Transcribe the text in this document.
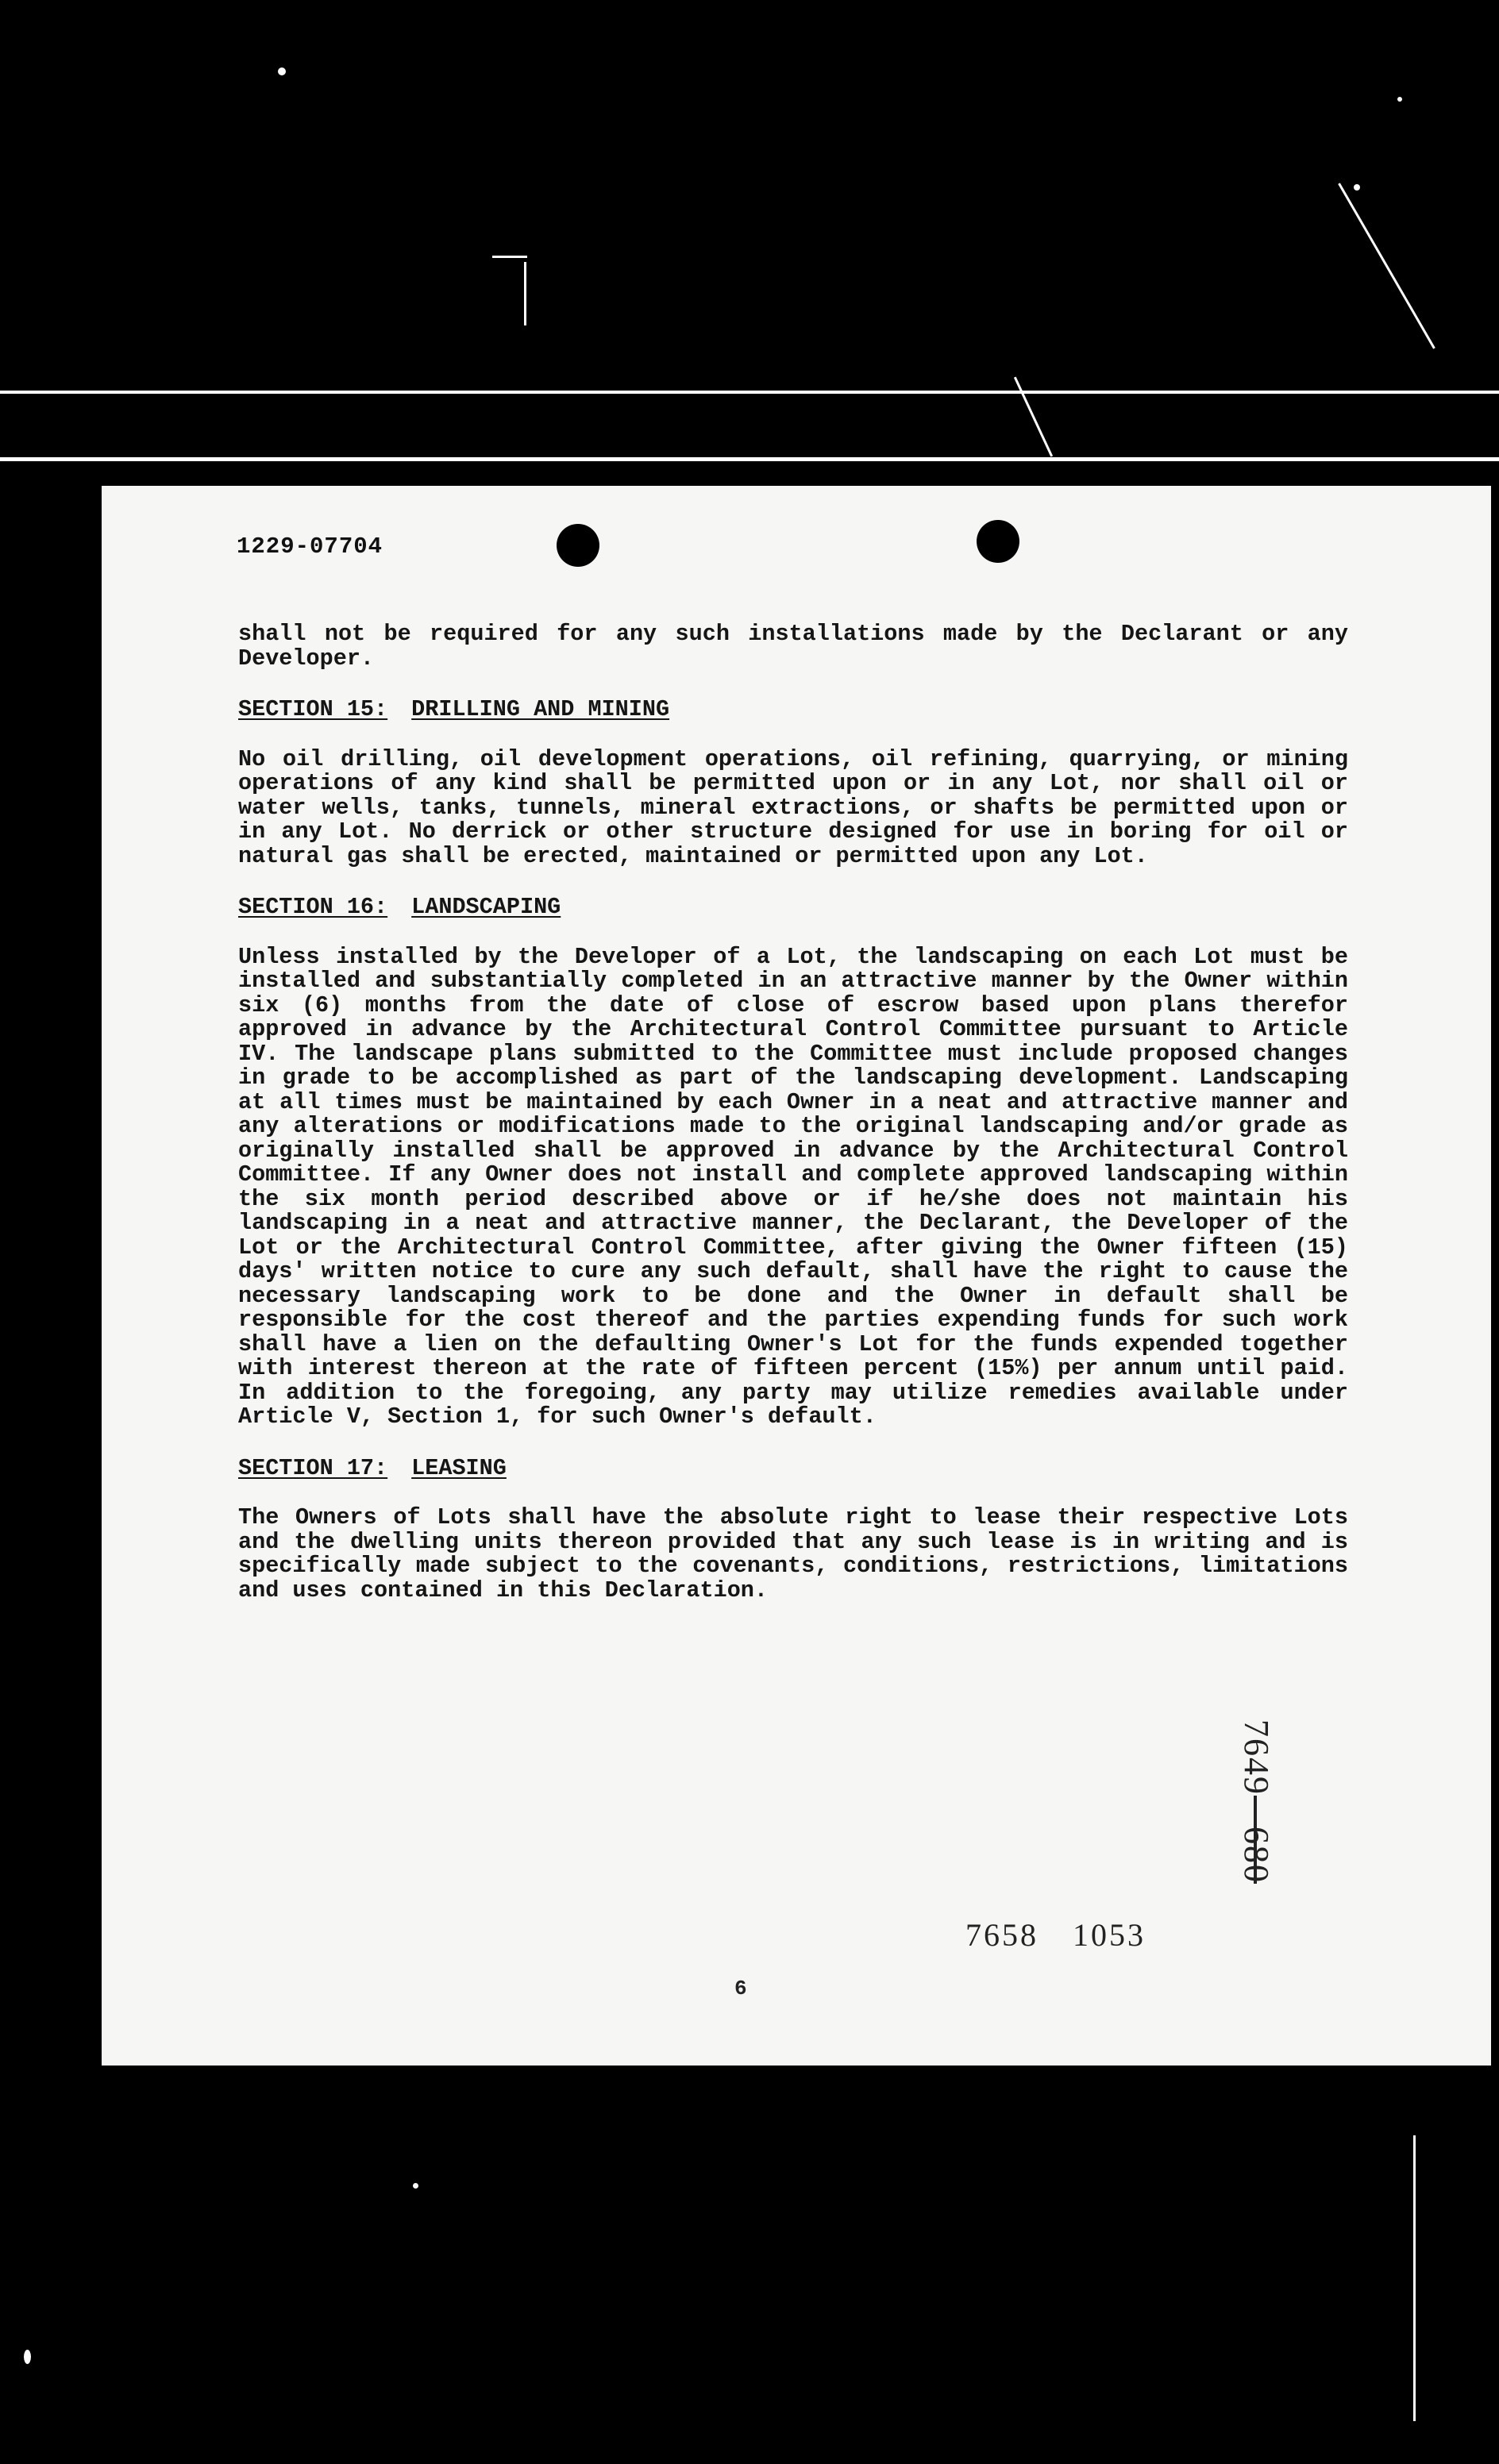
1229-07704

shall not be required for any such installations made by the Declarant or any Developer.

SECTION 15: DRILLING AND MINING

No oil drilling, oil development operations, oil refining, quarrying, or mining operations of any kind shall be permitted upon or in any Lot, nor shall oil or water wells, tanks, tunnels, mineral extractions, or shafts be permitted upon or in any Lot. No derrick or other structure designed for use in boring for oil or natural gas shall be erected, maintained or permitted upon any Lot.

SECTION 16: LANDSCAPING

Unless installed by the Developer of a Lot, the landscaping on each Lot must be installed and substantially completed in an attractive manner by the Owner within six (6) months from the date of close of escrow based upon plans therefor approved in advance by the Architectural Control Committee pursuant to Article IV. The landscape plans submitted to the Committee must include proposed changes in grade to be accomplished as part of the landscaping development. Landscaping at all times must be maintained by each Owner in a neat and attractive manner and any alterations or modifications made to the original landscaping and/or grade as originally installed shall be approved in advance by the Architectural Control Committee. If any Owner does not install and complete approved landscaping within the six month period described above or if he/she does not maintain his landscaping in a neat and attractive manner, the Declarant, the Developer of the Lot or the Architectural Control Committee, after giving the Owner fifteen (15) days' written notice to cure any such default, shall have the right to cause the necessary landscaping work to be done and the Owner in default shall be responsible for the cost thereof and the parties expending funds for such work shall have a lien on the defaulting Owner's Lot for the funds expended together with interest thereon at the rate of fifteen percent (15%) per annum until paid. In addition to the foregoing, any party may utilize remedies available under Article V, Section 1, for such Owner's default.

SECTION 17: LEASING

The Owners of Lots shall have the absolute right to lease their respective Lots and the dwelling units thereon provided that any such lease is in writing and is specifically made subject to the covenants, conditions, restrictions, limitations and uses contained in this Declaration.

7649   680
7658 1053
6
